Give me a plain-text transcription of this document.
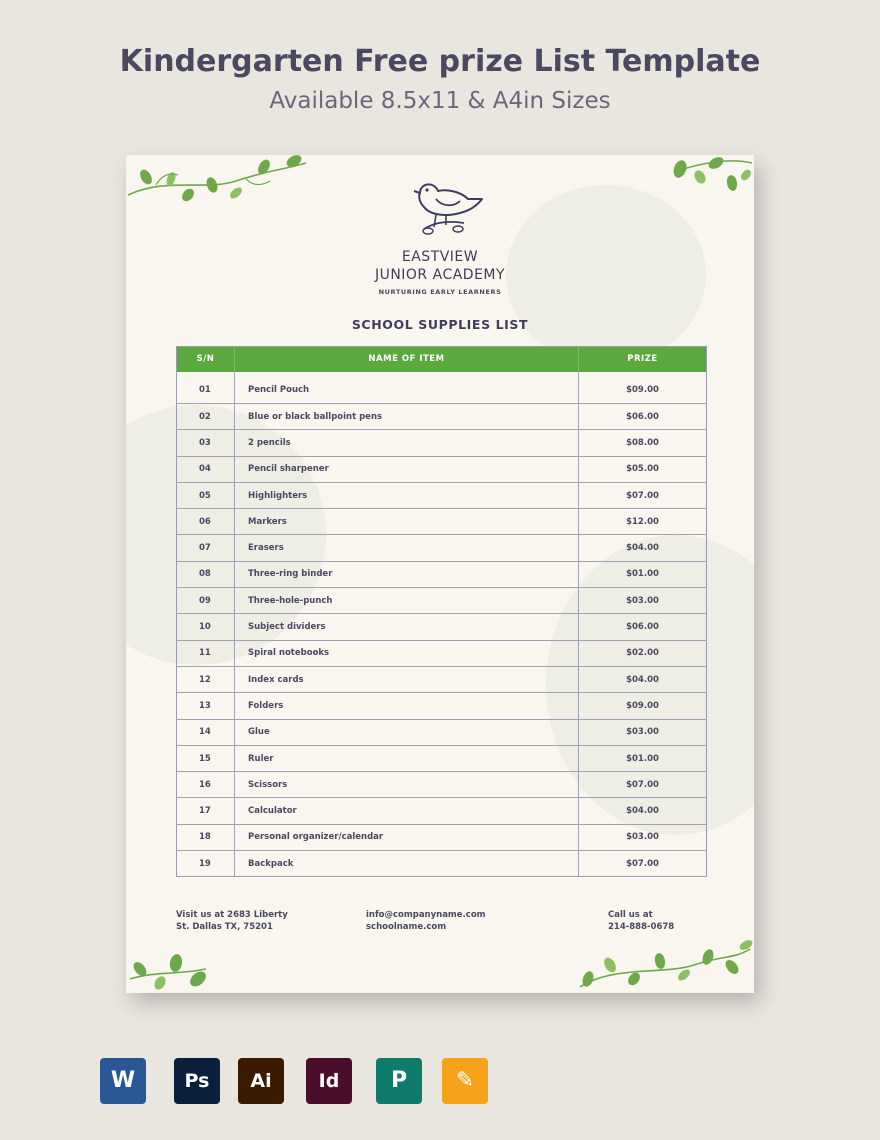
Kindergarten Free prize List Template
Available 8.5x11 & A4in Sizes
EASTVIEW
JUNIOR ACADEMY
NURTURING EARLY LEARNERS
SCHOOL SUPPLIES LIST
S/N	NAME OF ITEM	PRIZE
01	Pencil Pouch	$09.00
02	Blue or black ballpoint pens	$06.00
03	2 pencils	$08.00
04	Pencil sharpener	$05.00
05	Highlighters	$07.00
06	Markers	$12.00
07	Erasers	$04.00
08	Three-ring binder	$01.00
09	Three-hole-punch	$03.00
10	Subject dividers	$06.00
11	Spiral notebooks	$02.00
12	Index cards	$04.00
13	Folders	$09.00
14	Glue	$03.00
15	Ruler	$01.00
16	Scissors	$07.00
17	Calculator	$04.00
18	Personal organizer/calendar	$03.00
19	Backpack	$07.00
Visit us at 2683 Liberty
St. Dallas TX, 75201
info@companyname.com
schoolname.com
Call us at
214-888-0678
W	Ps	Ai	Id	P	✎
